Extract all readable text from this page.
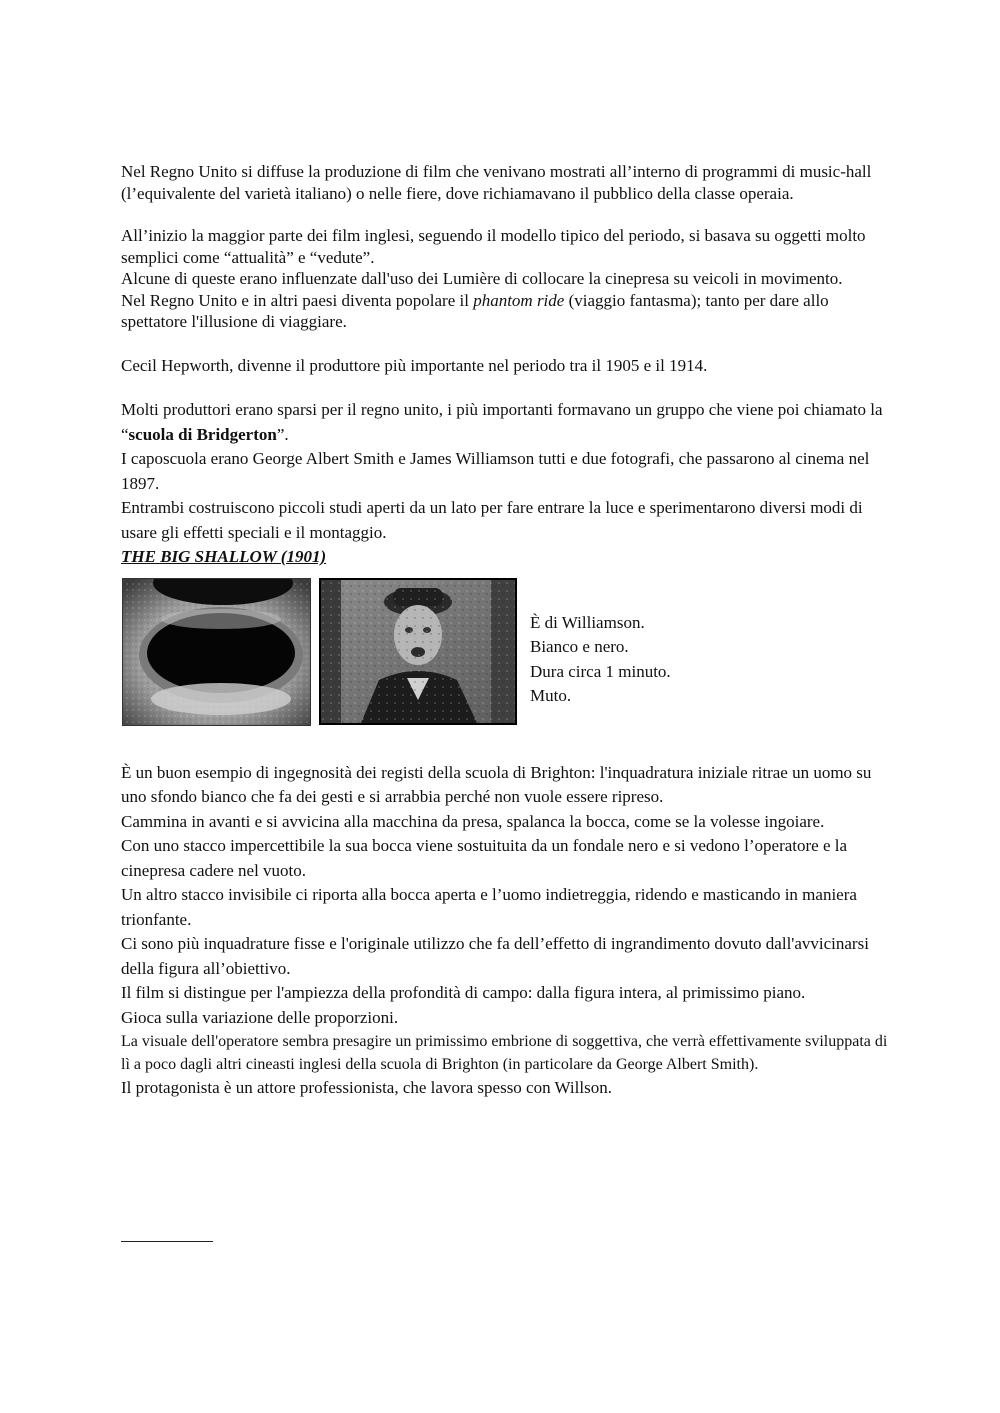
Nel Regno Unito si diffuse la produzione di film che venivano mostrati all’interno di programmi di music-hall (l’equivalente del varietà italiano) o nelle fiere, dove richiamavano il pubblico della classe operaia.

All’inizio la maggior parte dei film inglesi, seguendo il modello tipico del periodo, si basava su oggetti molto semplici come “attualità” e “vedute”.

Alcune di queste erano influenzate dall'uso dei Lumière di collocare la cinepresa su veicoli in movimento.

Nel Regno Unito e in altri paesi diventa popolare il phantom ride (viaggio fantasma); tanto per dare allo spettatore l'illusione di viaggiare.

Cecil Hepworth, divenne il produttore più importante nel periodo tra il 1905 e il 1914.

Molti produttori erano sparsi per il regno unito, i più importanti formavano un gruppo che viene poi chiamato la “scuola di Bridgerton”.

I caposcuola erano George Albert Smith e James Williamson tutti e due fotografi, che passarono al cinema nel 1897.

Entrambi costruiscono piccoli studi aperti da un lato per fare entrare la luce e sperimentarono diversi modi di usare gli effetti speciali e il montaggio.

THE BIG SHALLOW (1901)

È di Williamson.
Bianco e nero.
Dura circa 1 minuto.
Muto.

È un buon esempio di ingegnosità dei registi della scuola di Brighton: l'inquadratura iniziale ritrae un uomo su uno sfondo bianco che fa dei gesti e si arrabbia perché non vuole essere ripreso.

Cammina in avanti e si avvicina alla macchina da presa, spalanca la bocca, come se la volesse ingoiare.

Con uno stacco impercettibile la sua bocca viene sostuituita da un fondale nero e si vedono l’operatore e la cinepresa cadere nel vuoto.

Un altro stacco invisibile ci riporta alla bocca aperta e l’uomo indietreggia, ridendo e masticando in maniera trionfante.

Ci sono più inquadrature fisse e l'originale utilizzo che fa dell’effetto di ingrandimento dovuto dall'avvicinarsi della figura all’obiettivo.

Il film si distingue per l'ampiezza della profondità di campo: dalla figura intera, al primissimo piano.

Gioca sulla variazione delle proporzioni.

La visuale dell'operatore sembra presagire un primissimo embrione di soggettiva, che verrà effettivamente sviluppata di lì a poco dagli altri cineasti inglesi della scuola di Brighton (in particolare da George Albert Smith).

Il protagonista è un attore professionista, che lavora spesso con Willson.
